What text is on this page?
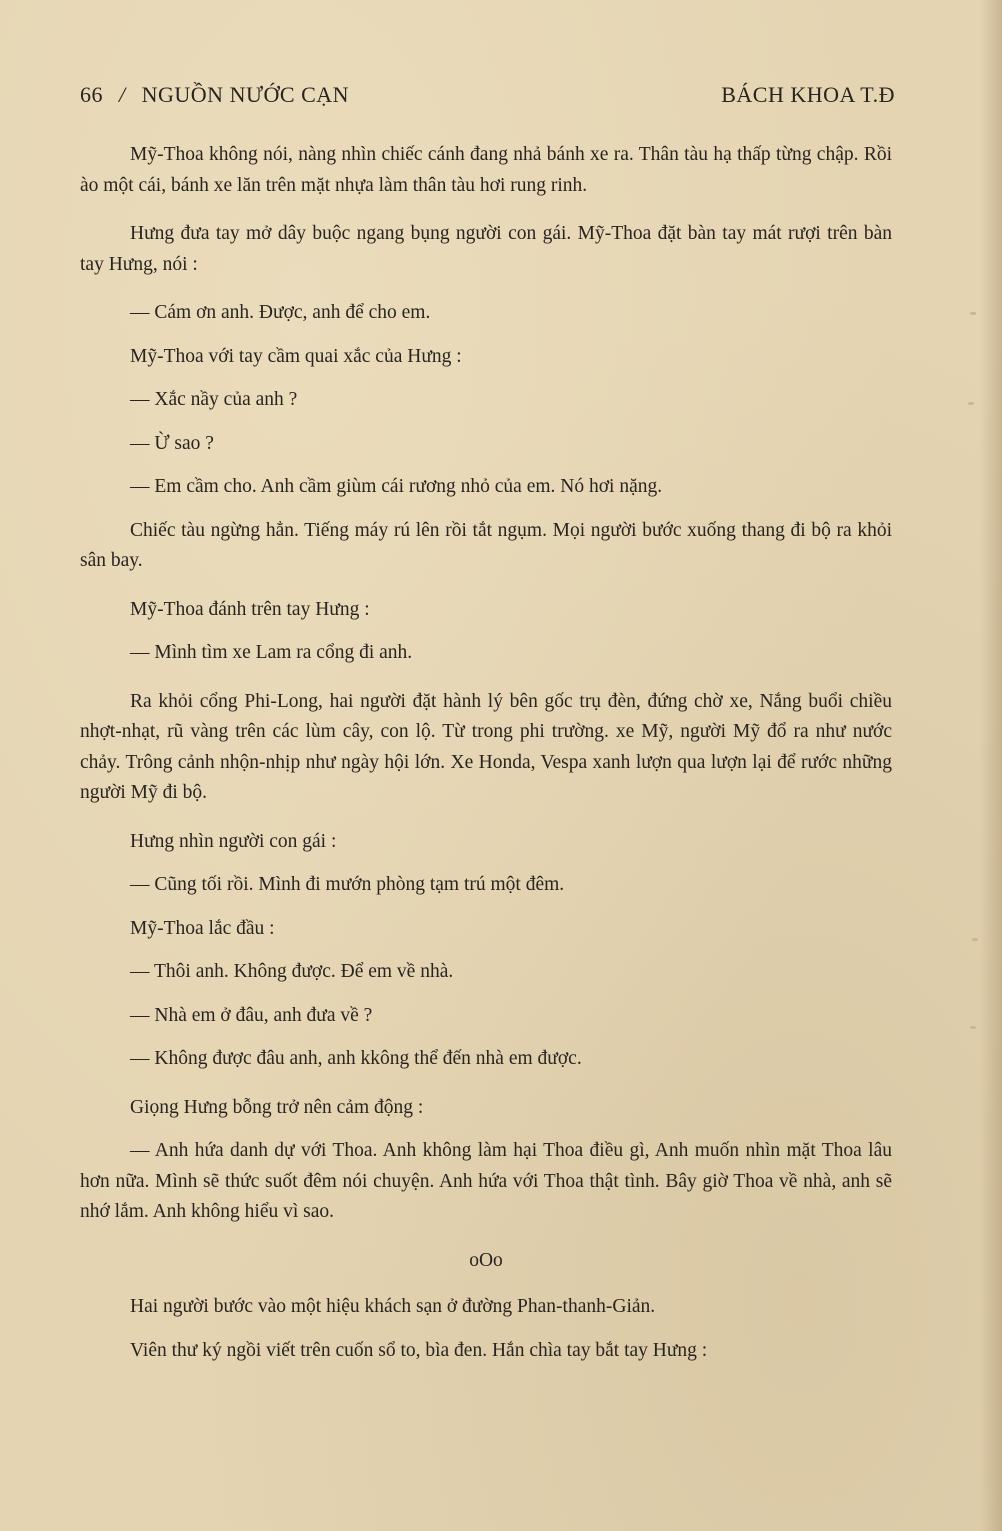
66 / NGUỒN NƯỚC CẠN	BÁCH KHOA T.Đ

Mỹ-Thoa không nói, nàng nhìn chiếc cánh đang nhả bánh xe ra. Thân tàu hạ thấp từng chập. Rồi ào một cái, bánh xe lăn trên mặt nhựa làm thân tàu hơi rung rinh.

Hưng đưa tay mở dây buộc ngang bụng người con gái. Mỹ-Thoa đặt bàn tay mát rượi trên bàn tay Hưng, nói :

— Cám ơn anh. Được, anh để cho em.

Mỹ-Thoa với tay cầm quai xắc của Hưng :

— Xắc nầy của anh ?

— Ừ sao ?

— Em cầm cho. Anh cầm giùm cái rương nhỏ của em. Nó hơi nặng.

Chiếc tàu ngừng hẳn. Tiếng máy rú lên rồi tắt ngụm. Mọi người bước xuống thang đi bộ ra khỏi sân bay.

Mỹ-Thoa đánh trên tay Hưng :

— Mình tìm xe Lam ra cổng đi anh.

Ra khỏi cổng Phi-Long, hai người đặt hành lý bên gốc trụ đèn, đứng chờ xe, Nắng buổi chiều nhợt-nhạt, rũ vàng trên các lùm cây, con lộ. Từ trong phi trường. xe Mỹ, người Mỹ đổ ra như nước chảy. Trông cảnh nhộn-nhịp như ngày hội lớn. Xe Honda, Vespa xanh lượn qua lượn lại để rước những người Mỹ đi bộ.

Hưng nhìn người con gái :

— Cũng tối rồi. Mình đi mướn phòng tạm trú một đêm.

Mỹ-Thoa lắc đầu :

— Thôi anh. Không được. Để em về nhà.

— Nhà em ở đâu, anh đưa về ?

— Không được đâu anh, anh kkông thể đến nhà em được.

Giọng Hưng bỗng trở nên cảm động :

— Anh hứa danh dự với Thoa. Anh không làm hại Thoa điều gì, Anh muốn nhìn mặt Thoa lâu hơn nữa. Mình sẽ thức suốt đêm nói chuyện. Anh hứa với Thoa thật tình. Bây giờ Thoa về nhà, anh sẽ nhớ lắm. Anh không hiểu vì sao.

oOo

Hai người bước vào một hiệu khách sạn ở đường Phan-thanh-Giản.

Viên thư ký ngồi viết trên cuốn sổ to, bìa đen. Hắn chìa tay bắt tay Hưng :
